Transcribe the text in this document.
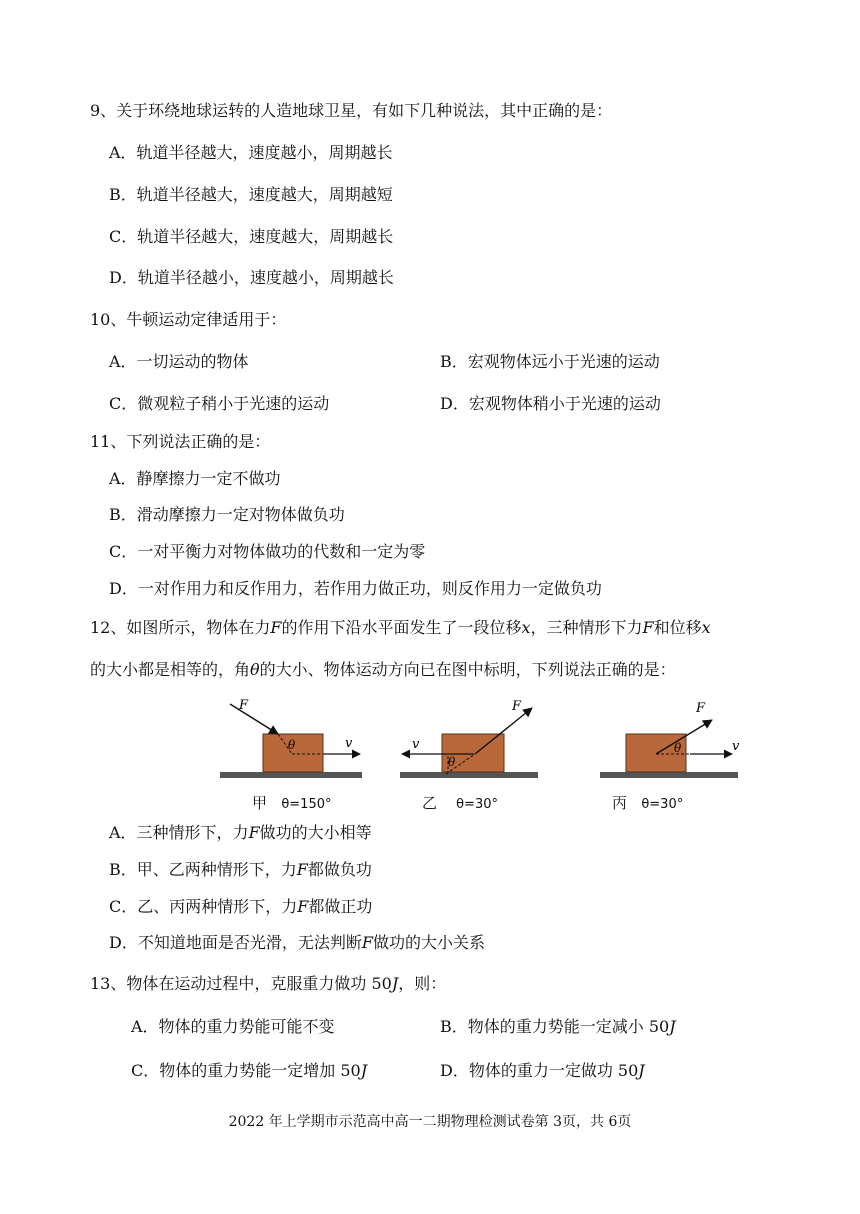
9、关于环绕地球运转的人造地球卫星，有如下几种说法，其中正确的是：
A．轨道半径越大，速度越小，周期越长
B．轨道半径越大，速度越大，周期越短
C．轨道半径越大，速度越大，周期越长
D．轨道半径越小，速度越小，周期越长
10、牛顿运动定律适用于：
A．一切运动的物体	B．宏观物体远小于光速的运动
C．微观粒子稍小于光速的运动	D．宏观物体稍小于光速的运动
11、下列说法正确的是：
A．静摩擦力一定不做功
B．滑动摩擦力一定对物体做负功
C．一对平衡力对物体做功的代数和一定为零
D．一对作用力和反作用力，若作用力做正功，则反作用力一定做负功
12、如图所示，物体在力F的作用下沿水平面发生了一段位移x，三种情形下力F和位移x
的大小都是相等的，角θ的大小、物体运动方向已在图中标明，下列说法正确的是：
F
θ	v
F
θ
v
F
θ	v
甲 θ=150°	乙 θ=30°	丙 θ=30°
A．三种情形下，力F做功的大小相等
B．甲、乙两种情形下，力F都做负功
C．乙、丙两种情形下，力F都做正功
D．不知道地面是否光滑，无法判断F做功的大小关系
13、物体在运动过程中，克服重力做功 50J，则：
A．物体的重力势能可能不变	B．物体的重力势能一定减小 50J
C．物体的重力势能一定增加 50J	D．物体的重力一定做功 50J
2022 年上学期市示范高中高一二期物理检测试卷第 3页，共 6页
